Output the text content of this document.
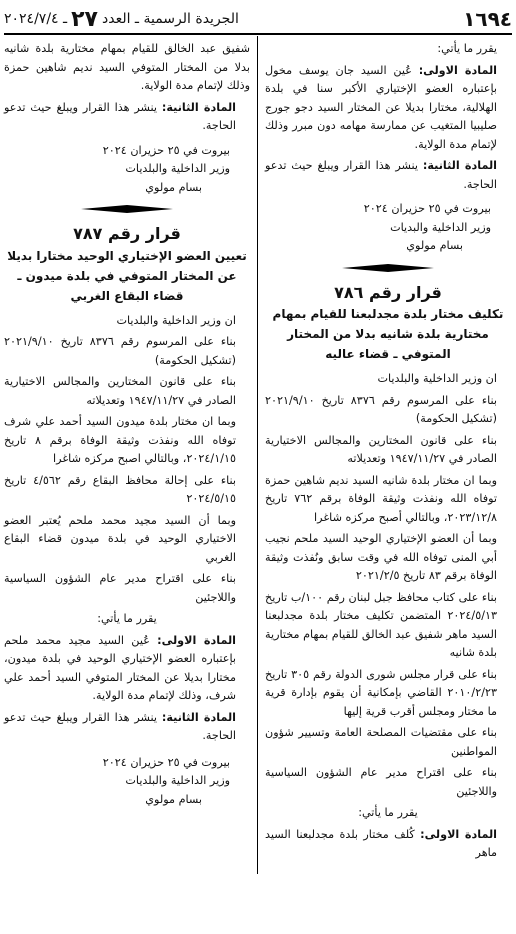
١٦٩٤
الجريدة الرسمية ـ العدد
٢٧
ـ ٢٠٢٤/٧/٤

يقرر ما يأتي:

المادة الاولى: عُين السيد جان يوسف مخول بإعتباره العضو الإختياري الأكبر سنا في بلدة الهلالية، مختارا بديلا عن المختار السيد دجو جورج صليبيا المتغيب عن ممارسة مهامه دون مبرر وذلك لإتمام مدة الولاية.

المادة الثانية: ينشر هذا القرار ويبلغ حيث تدعو الحاجة.

بيروت في ٢٥ حزيران ٢٠٢٤

وزير الداخلية والبديات

بسام مولوي

قرار رقم ٧٨٦
تكليف مختار بلدة مجدلبعنا للقيام بمهام مختارية بلدة شانيه بدلا من المختار المتوفي ـ قضاء عاليه

ان وزير الداخلية والبلديات

بناء على المرسوم رقم ٨٣٧٦ تاريخ ٢٠٢١/٩/١٠ (تشكيل الحكومة)

بناء على قانون المختارين والمجالس الاختيارية الصادر في ١٩٤٧/١١/٢٧ وتعديلاته

وبما ان مختار بلدة شانيه السيد نديم شاهين حمزة توفاه الله ونفذت وثيقة الوفاة برقم ٧٦٢ تاريخ ٢٠٢٣/١٢/٨، وبالتالي أصبح مركزه شاغرا

وبما أن العضو الإختياري الوحيد السيد ملحم نجيب أبي المنى توفاه الله في وقت سابق ونُفذت وثيقة الوفاة برقم ٨٣ تاريخ ٢٠٢١/٢/٥

بناء على كتاب محافظ جبل لبنان رقم ١٠٠/ب تاريخ ٢٠٢٤/٥/١٣ المتضمن تكليف مختار بلدة مجدلبعنا السيد ماهر شفيق عبد الخالق للقيام بمهام مختارية بلدة شانيه

بناء على قرار مجلس شورى الدولة رقم ٣٠٥ تاريخ ٢٠١٠/٢/٢٣ القاضي بإمكانية أن يقوم بإدارة قرية ما مختار ومجلس أقرب قرية إليها

بناء على مقتضيات المصلحة العامة وتسيير شؤون المواطنين

بناء على اقتراح مدير عام الشؤون السياسية واللاجئين

يقرر ما يأتي:

المادة الاولى: كُلف مختار بلدة مجدلبعنا السيد ماهر

شفيق عبد الخالق للقيام بمهام مختارية بلدة شانيه بدلا من المختار المتوفي السيد نديم شاهين حمزة وذلك لإتمام مدة الولاية.

المادة الثانية: ينشر هذا القرار ويبلغ حيث تدعو الحاجة.

بيروت في ٢٥ حزيران ٢٠٢٤

وزير الداخلية والبلديات

بسام مولوي

قرار رقم ٧٨٧
تعيين العضو الإختياري الوحيد مختارا بديلا عن المختار المتوفي في بلدة ميدون ـ قضاء البقاع الغربي

ان وزير الداخلية والبلديات

بناء على المرسوم رقم ٨٣٧٦ تاريخ ٢٠٢١/٩/١٠ (تشكيل الحكومة)

بناء على قانون المختارين والمجالس الاختيارية الصادر في ١٩٤٧/١١/٢٧ وتعديلاته

وبما ان مختار بلدة ميدون السيد أحمد علي شرف توفاه الله ونفذت وثيقة الوفاة برقم ٨ تاريخ ٢٠٢٤/١/١٥، وبالتالي اصبح مركزه شاغرا

بناء على إحالة محافظ البقاع رقم ٤/٥٦٢ تاريخ ٢٠٢٤/٥/١٥

وبما أن السيد مجيد محمد ملحم يُعتبر العضو الاختياري الوحيد في بلدة ميدون قضاء البقاع الغربي

بناء على اقتراح مدير عام الشؤون السياسية واللاجئين

يقرر ما يأتي:

المادة الاولى: عُين السيد مجيد محمد ملحم بإعتباره العضو الإختياري الوحيد في بلدة ميدون، مختارا بديلا عن المختار المتوفي السيد أحمد علي شرف، وذلك لإتمام مدة الولاية.

المادة الثانية: ينشر هذا القرار ويبلغ حيث تدعو الحاجة.

بيروت في ٢٥ حزيران ٢٠٢٤

وزير الداخلية والبلديات

بسام مولوي
